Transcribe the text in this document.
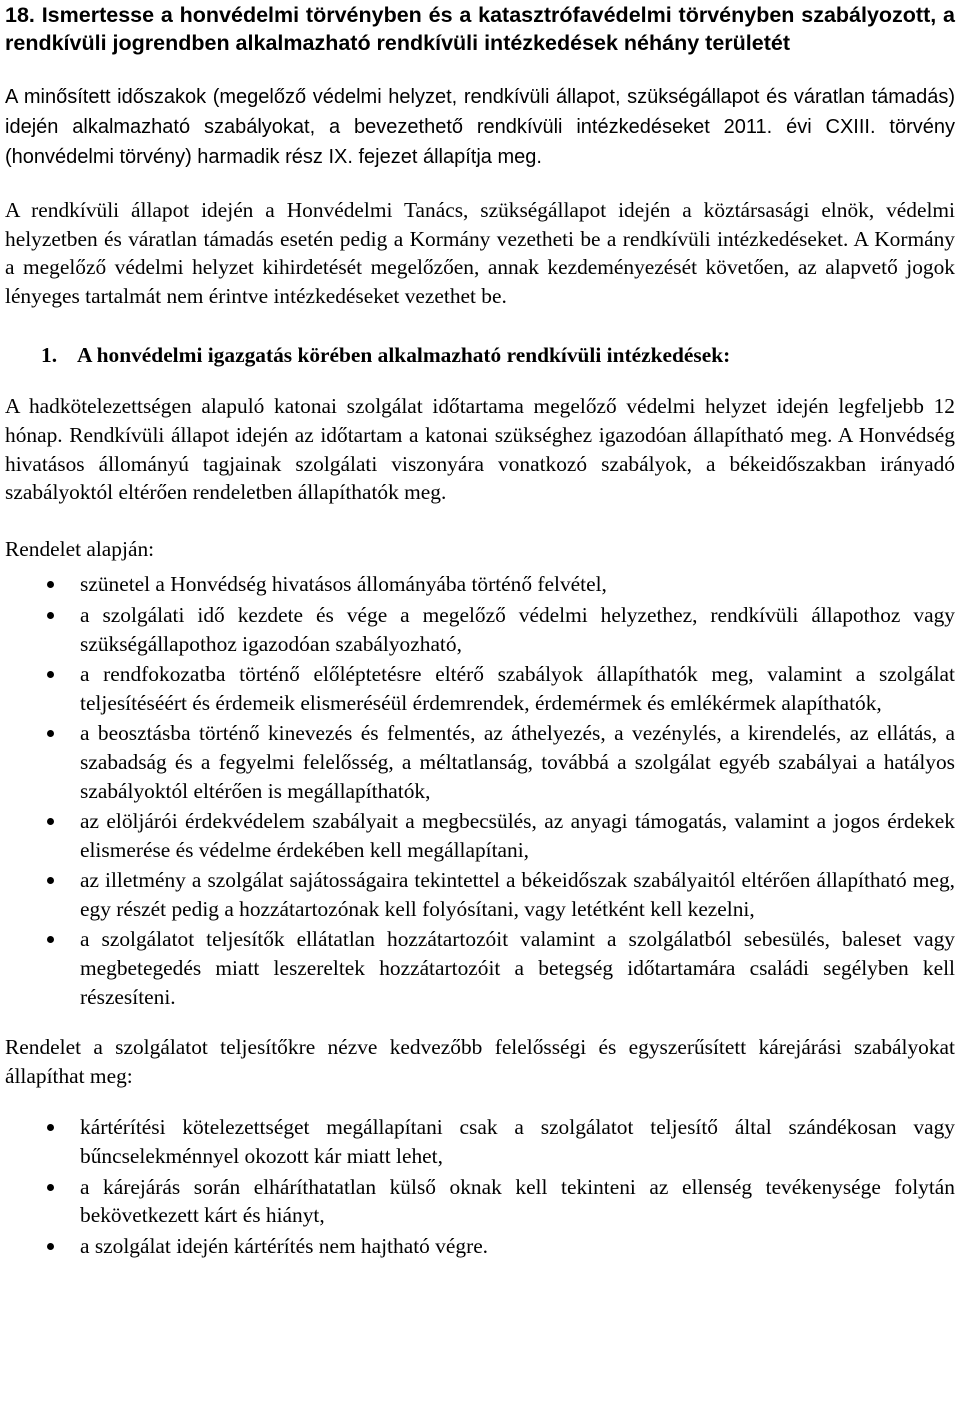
18. Ismertesse a honvédelmi törvényben és a katasztrófavédelmi törvényben szabályozott, a rendkívüli jogrendben alkalmazható rendkívüli intézkedések néhány területét

A minősített időszakok (megelőző védelmi helyzet, rendkívüli állapot, szükségállapot és váratlan támadás) idején alkalmazható szabályokat, a bevezethető rendkívüli intézkedéseket 2011. évi CXIII. törvény (honvédelmi törvény) harmadik rész IX. fejezet állapítja meg.

A rendkívüli állapot idején a Honvédelmi Tanács, szükségállapot idején a köztársasági elnök, védelmi helyzetben és váratlan támadás esetén pedig a Kormány vezetheti be a rendkívüli intézkedéseket. A Kormány a megelőző védelmi helyzet kihirdetését megelőzően, annak kezdeményezését követően, az alapvető jogok lényeges tartalmát nem érintve intézkedéseket vezethet be.

1. A honvédelmi igazgatás körében alkalmazható rendkívüli intézkedések:

A hadkötelezettségen alapuló katonai szolgálat időtartama megelőző védelmi helyzet idején legfeljebb 12 hónap. Rendkívüli állapot idején az időtartam a katonai szükséghez igazodóan állapítható meg. A Honvédség hivatásos állományú tagjainak szolgálati viszonyára vonatkozó szabályok, a békeidőszakban irányadó szabályoktól eltérően rendeletben állapíthatók meg.

Rendelet alapján:

szünetel a Honvédség hivatásos állományába történő felvétel,
a szolgálati idő kezdete és vége a megelőző védelmi helyzethez, rendkívüli állapothoz vagy szükségállapothoz igazodóan szabályozható,
a rendfokozatba történő előléptetésre eltérő szabályok állapíthatók meg, valamint a szolgálat teljesítéséért és érdemeik elismeréséül érdemrendek, érdemérmek és emlékérmek alapíthatók,
a beosztásba történő kinevezés és felmentés, az áthelyezés, a vezénylés, a kirendelés, az ellátás, a szabadság és a fegyelmi felelősség, a méltatlanság, továbbá a szolgálat egyéb szabályai a hatályos szabályoktól eltérően is megállapíthatók,
az elöljárói érdekvédelem szabályait a megbecsülés, az anyagi támogatás, valamint a jogos érdekek elismerése és védelme érdekében kell megállapítani,
az illetmény a szolgálat sajátosságaira tekintettel a békeidőszak szabályaitól eltérően állapítható meg, egy részét pedig a hozzátartozónak kell folyósítani, vagy letétként kell kezelni,
a szolgálatot teljesítők ellátatlan hozzátartozóit valamint a szolgálatból sebesülés, baleset vagy megbetegedés miatt leszereltek hozzátartozóit a betegség időtartamára családi segélyben kell részesíteni.

Rendelet a szolgálatot teljesítőkre nézve kedvezőbb felelősségi és egyszerűsített kárejárási szabályokat állapíthat meg:

kártérítési kötelezettséget megállapítani csak a szolgálatot teljesítő által szándékosan vagy bűncselekménnyel okozott kár miatt lehet,
a kárejárás során elháríthatatlan külső oknak kell tekinteni az ellenség tevékenysége folytán bekövetkezett kárt és hiányt,
a szolgálat idején kártérítés nem hajtható végre.
